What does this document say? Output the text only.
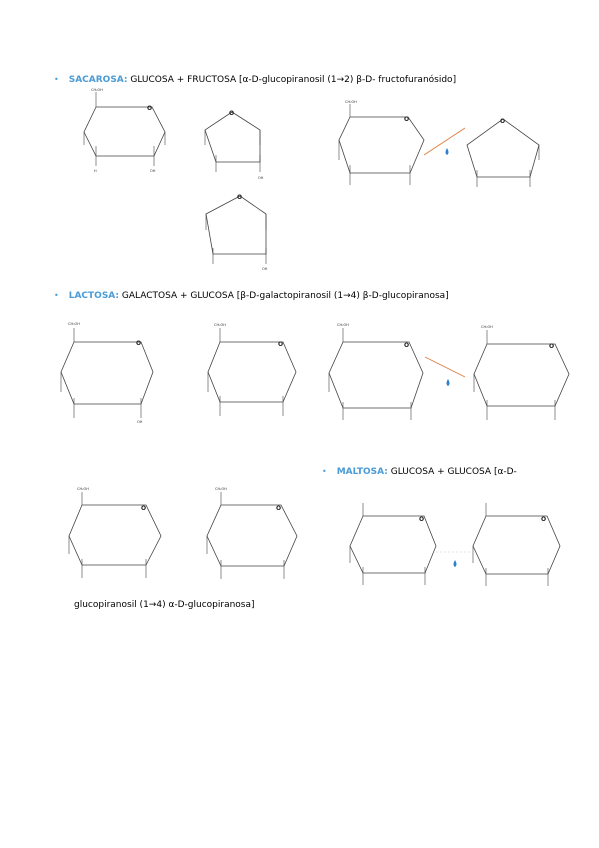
• SACAROSA: GLUCOSA + FRUCTOSA [α-D-glucopiranosil (1→2) β-D- fructofuranósido]
• LACTOSA: GALACTOSA + GLUCOSA [β-D-galactopiranosil (1→4) β-D-glucopiranosa]
• MALTOSA: GLUCOSA + GLUCOSA [α-D-
glucopiranosil (1→4) α-D-glucopiranosa]
O
CH₂OH
OH
H
O
OH
O
OH
O
CH₂OH
O
O
CH₂OH
OH
O
CH₂OH
O
CH₂OH
O
CH₂OH
O
CH₂OH
O
CH₂OH
O	O
